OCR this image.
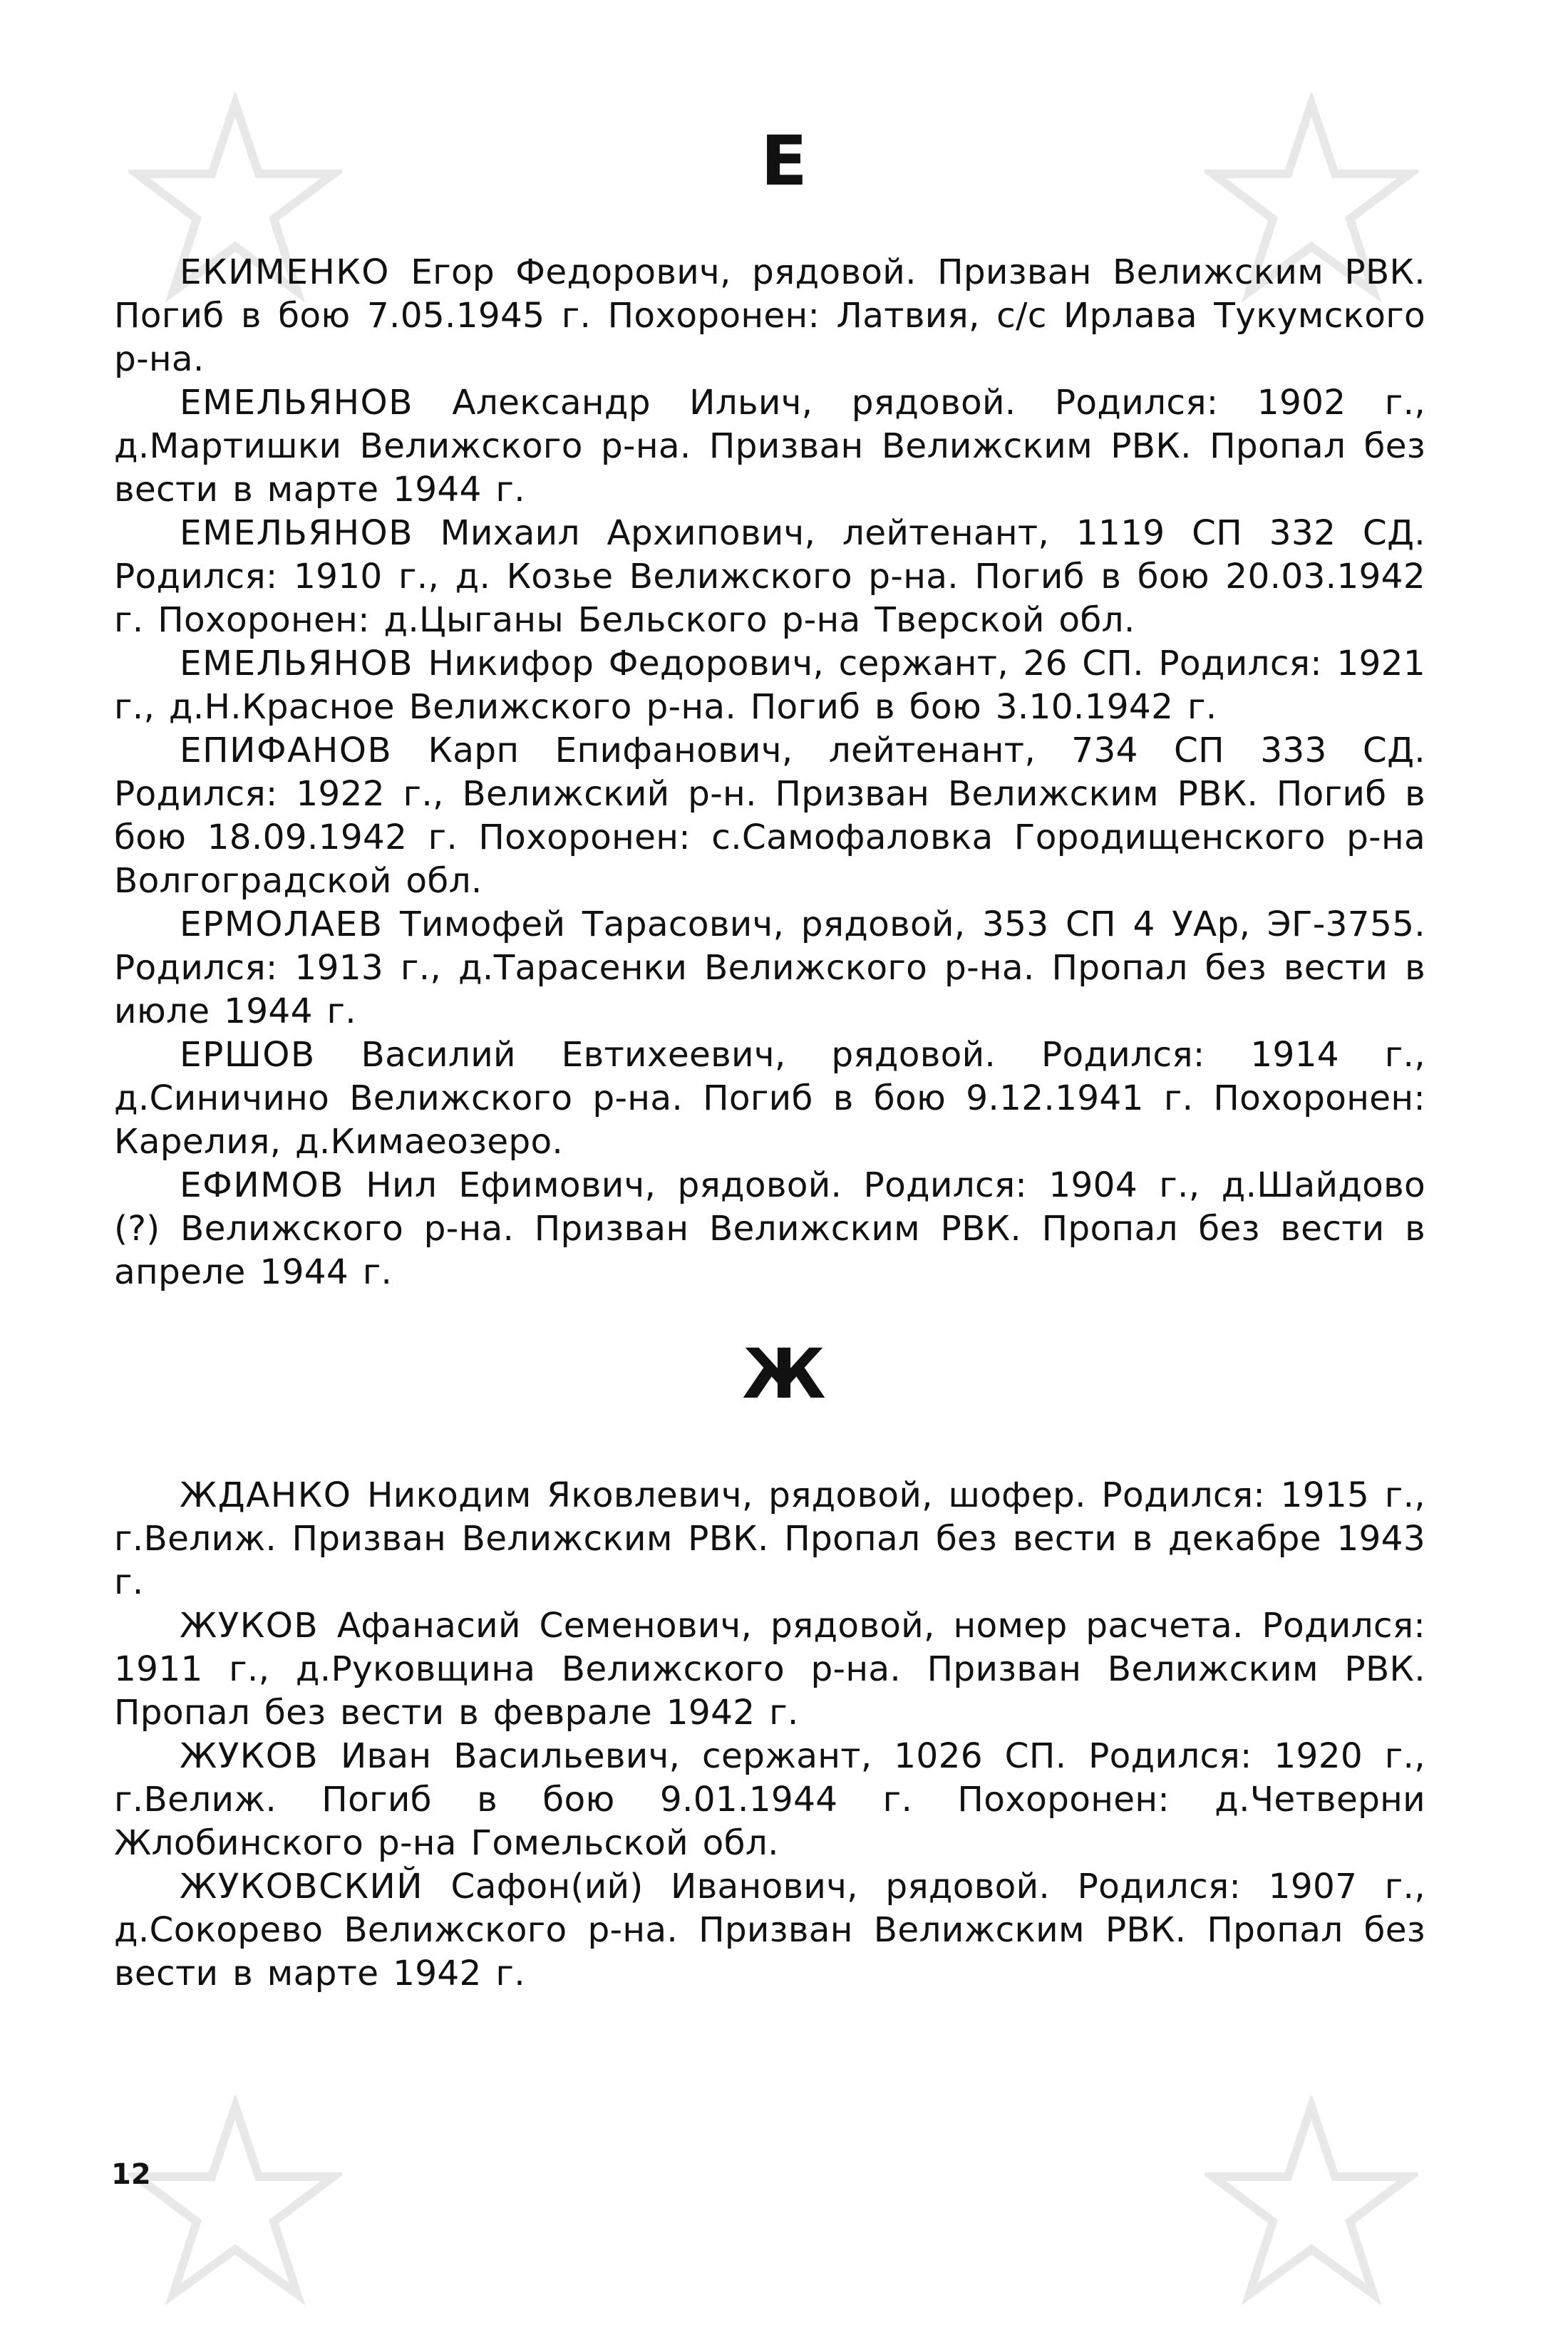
Е

ЕКИМЕНКО Егор Федорович, рядовой. Призван Велижским РВК. Погиб в бою 7.05.1945 г. Похоронен: Латвия, с/с Ирлава Тукумского р-на.

ЕМЕЛЬЯНОВ Александр Ильич, рядовой. Родился: 1902 г., д.Мартишки Велижского р-на. Призван Велижским РВК. Пропал без вести в марте 1944 г.

ЕМЕЛЬЯНОВ Михаил Архипович, лейтенант, 1119 СП 332 СД. Родился: 1910 г., д. Козье Велижского р-на. Погиб в бою 20.03.1942 г. Похоронен: д.Цыганы Бельского р-на Тверской обл.

ЕМЕЛЬЯНОВ Никифор Федорович, сержант, 26 СП. Родился: 1921 г., д.Н.Красное Велижского р-на. Погиб в бою 3.10.1942 г.

ЕПИФАНОВ Карп Епифанович, лейтенант, 734 СП 333 СД. Родился: 1922 г., Велижский р-н. Призван Велижским РВК. Погиб в бою 18.09.1942 г. Похоронен: с.Самофаловка Городищенского р-на Волгоградской обл.

ЕРМОЛАЕВ Тимофей Тарасович, рядовой, 353 СП 4 УАр, ЭГ-3755. Родился: 1913 г., д.Тарасенки Велижского р-на. Пропал без вести в июле 1944 г.

ЕРШОВ Василий Евтихеевич, рядовой. Родился: 1914 г., д.Синичино Велижского р-на. Погиб в бою 9.12.1941 г. Похоронен: Карелия, д.Кимаеозеро.

ЕФИМОВ Нил Ефимович, рядовой. Родился: 1904 г., д.Шайдово (?) Велижского р-на. Призван Велижским РВК. Пропал без вести в апреле 1944 г.

Ж

ЖДАНКО Никодим Яковлевич, рядовой, шофер. Родился: 1915 г., г.Велиж. Призван Велижским РВК. Пропал без вести в декабре 1943 г.

ЖУКОВ Афанасий Семенович, рядовой, номер расчета. Родился: 1911 г., д.Руковщина Велижского р-на. Призван Велижским РВК. Пропал без вести в феврале 1942 г.

ЖУКОВ Иван Васильевич, сержант, 1026 СП. Родился: 1920 г., г.Велиж. Погиб в бою 9.01.1944 г. Похоронен: д.Четверни Жлобинского р-на Гомельской обл.

ЖУКОВСКИЙ Сафон(ий) Иванович, рядовой. Родился: 1907 г., д.Сокорево Велижского р-на. Призван Велижским РВК. Пропал без вести в марте 1942 г.

12
